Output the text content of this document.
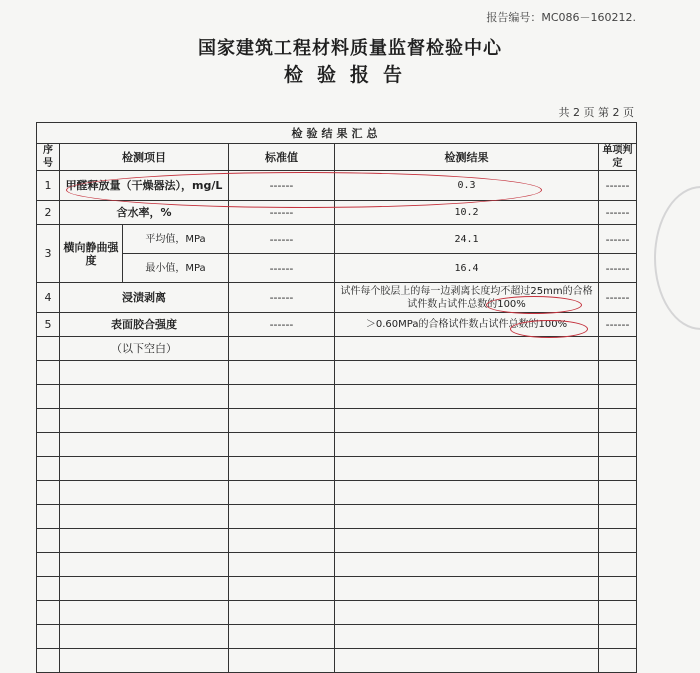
报告编号：MC086－160212.
国家建筑工程材料质量监督检验中心
检验报告
共 2 页 第 2 页
检验结果汇总					
序号	检测项目		标准值	检测结果	单项判定
1	甲醛释放量（干燥器法），mg/L		------	0.3	------
2	含水率，%		------	10.2	------
3	横向静曲强度	平均值，MPa	------	24.1	------
		最小值，MPa	------	16.4	------
4	浸渍剥离		------	试件每个胶层上的每一边剥离长度均不超过25mm的合格试件数占试件总数的100%	------
5	表面胶合强度		------	＞0.60MPa的合格试件数占试件总数的100%	------
	（以下空白）				
